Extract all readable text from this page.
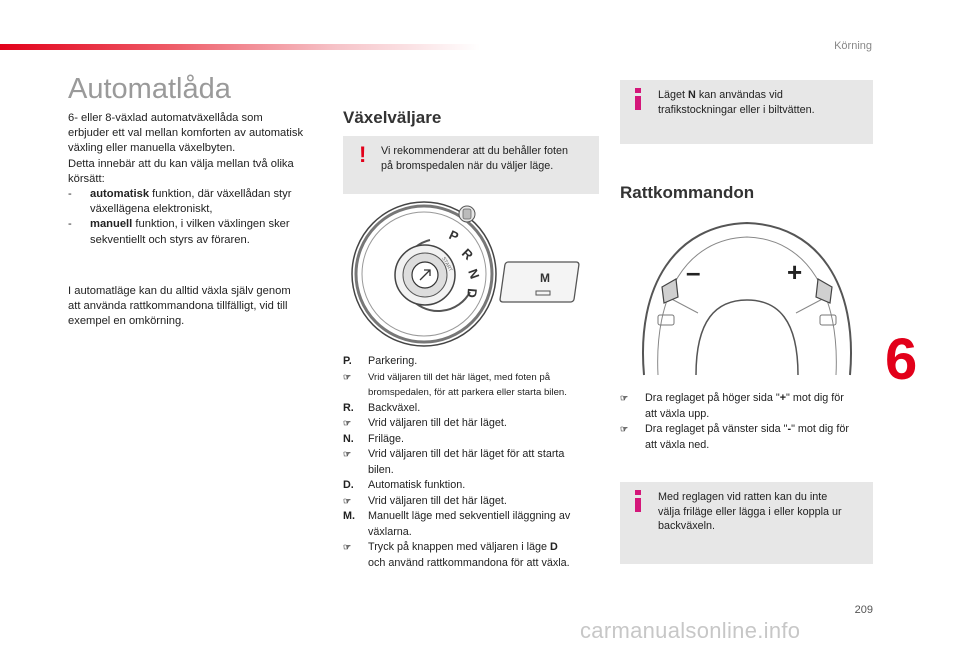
Körning
6
209
carmanualsonline.info
Automatlåda

6- eller 8-växlad automatväxellåda som

erbjuder ett val mellan komforten av automatisk

växling eller manuella växelbyten.

Detta innebär att du kan välja mellan två olika

körsätt:

-	automatisk funktion, där växellådan styr
växellägena elektroniskt,
-	manuell funktion, i vilken växlingen sker
sekventiellt och styrs av föraren.

I automatläge kan du alltid växla själv genom

att använda rattkommandona tillfälligt, vid till

exempel en omkörning.

Växelväljare
! Vi rekommenderar att du behåller foten
på bromspedalen när du väljer läge.
P
R
N
D
START
M
P.	Parkering.
☞	Vrid väljaren till det här läget, med foten på
bromspedalen, för att parkera eller starta bilen.
R.	Backväxel.
☞	Vrid väljaren till det här läget.
N.	Friläge.
☞	Vrid väljaren till det här läget för att starta
bilen.
D.	Automatisk funktion.
☞	Vrid väljaren till det här läget.
M.	Manuellt läge med sekventiell iläggning av
växlarna.
☞	Tryck på knappen med väljaren i läge D
och använd rattkommandona för att växla.
Läget N kan användas vid
trafikstockningar eller i biltvätten.
Rattkommandon
–	+
☞	Dra reglaget på höger sida "+" mot dig för
att växla upp.
☞	Dra reglaget på vänster sida "-" mot dig för
att växla ned.
Med reglagen vid ratten kan du inte
välja friläge eller lägga i eller koppla ur
backväxeln.
